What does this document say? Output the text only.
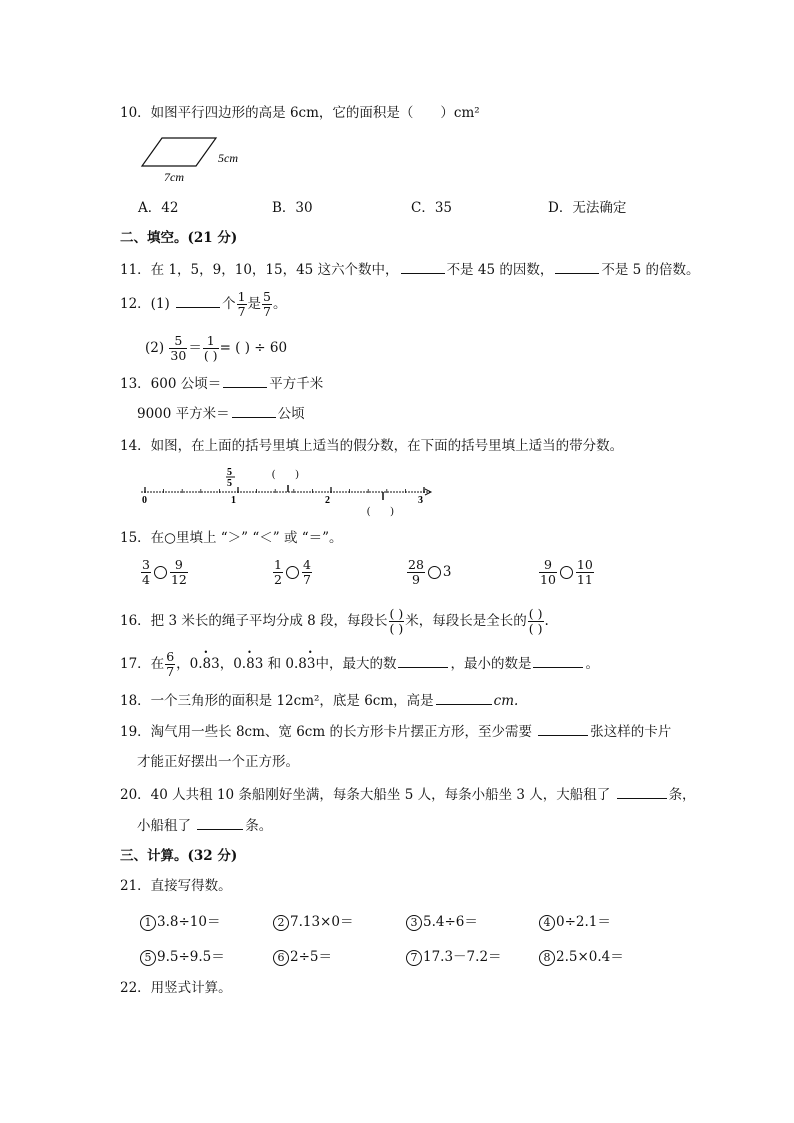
10．如图平行四边形的高是 6cm，它的面积是（　　）cm²
5cm
7cm
A．42	B．30	C．35	D．无法确定
二、填空。(21 分)
11．在 1，5，9，10，15，45 这六个数中，	不是 45 的因数，	不是 5 的倍数。
12．(1)	个 $\frac{1}{7}$ 是 $\frac{5}{7}$ 。
$(2) \frac{5}{30} = \frac{1}{( )}$ = ( ) ÷ 60
13．600 公顷＝	平方千米
9000 平方米＝	公顷
14．如图，在上面的括号里填上适当的假分数，在下面的括号里填上适当的带分数。
5
5
(　　)
(　　)
0	1	2	3
15．在○里填上 “＞” “＜” 或 “＝”。
$\frac{3}{4} \frac{9}{12}$	$\frac{1}{2} \frac{4}{7}$	$\frac{28}{9} 3$	$\frac{9}{10} \frac{10}{11}$
16．把 3 米长的绳子平均分成 8 段，每段长 $\frac{( )}{( )}$ 米，每段长是全长的 $\frac{( )}{( )}$ .
17．在 $\frac{6}{7}$ ，0.• 83，0.• 83 和 0.8• 3中，最大的数	，最小的数是	。
18．一个三角形的面积是 12cm²，底是 6cm，高是	cm.
19．淘气用一些长 8cm、宽 6cm 的长方形卡片摆正方形，至少需要	张这样的卡片
才能正好摆出一个正方形。
20．40 人共租 10 条船刚好坐满，每条大船坐 5 人，每条小船坐 3 人，大船租了	条，
小船租了	条。
三、计算。(32 分)
21．直接写得数。
1 3.8÷10＝	2 7.13×0＝	3 5.4÷6＝	4 0÷2.1＝
5 9.5÷9.5＝	6 2÷5＝	7 17.3－7.2＝	8 2.5×0.4＝
22．用竖式计算。
